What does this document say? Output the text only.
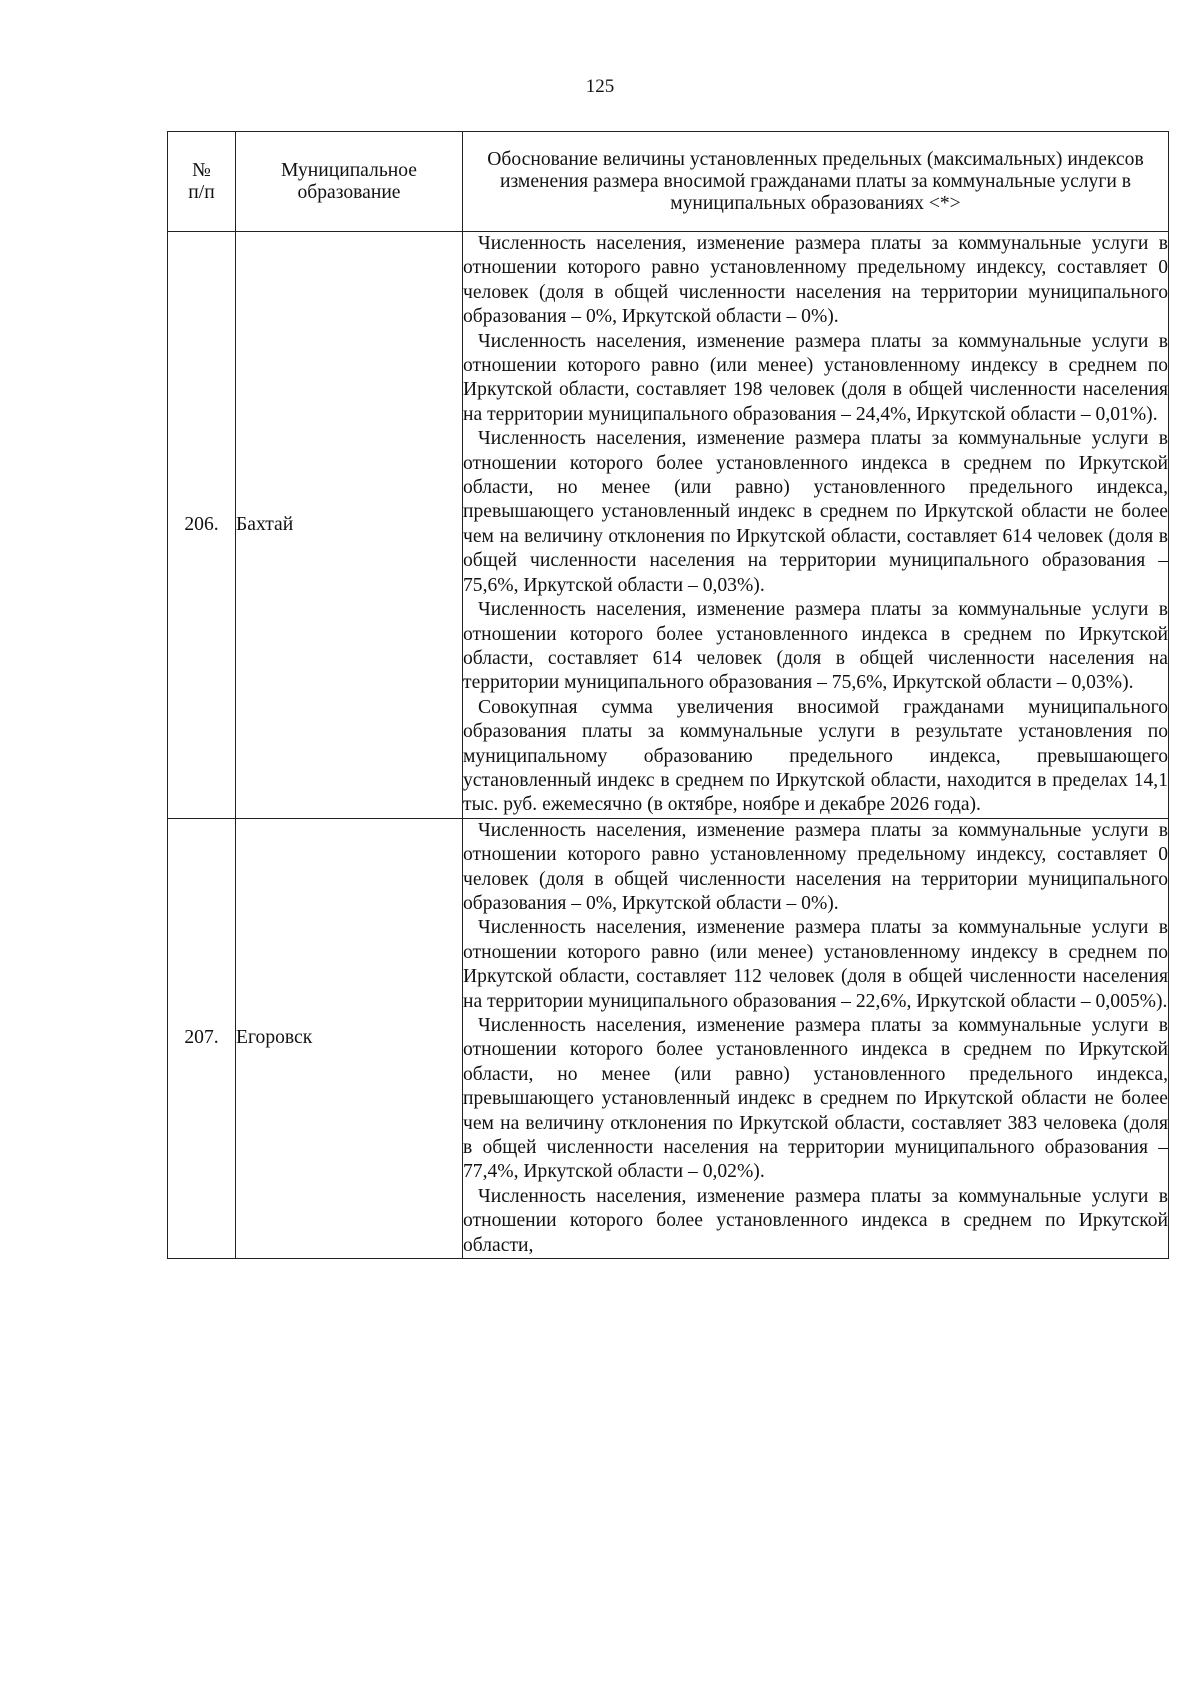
125
№
п/п	Муниципальное образование	Обоснование величины установленных предельных (максимальных) индексов изменения размера вносимой гражданами платы за коммунальные услуги в муниципальных образованиях <*>
206.	Бахтай	Численность населения, изменение размера платы за коммунальные услуги в отношении которого равно установленному предельному индексу, составляет 0 человек (доля в общей численности населения на территории муниципального образования – 0%, Иркутской области – 0%).

Численность населения, изменение размера платы за коммунальные услуги в отношении которого равно (или менее) установленному индексу в среднем по Иркутской области, составляет 198 человек (доля в общей численности населения на территории муниципального образования – 24,4%, Иркутской области – 0,01%).

Численность населения, изменение размера платы за коммунальные услуги в отношении которого более установленного индекса в среднем по Иркутской области, но менее (или равно) установленного предельного индекса, превышающего установленный индекс в среднем по Иркутской области не более чем на величину отклонения по Иркутской области, составляет 614 человек (доля в общей численности населения на территории муниципального образования – 75,6%, Иркутской области – 0,03%).

Численность населения, изменение размера платы за коммунальные услуги в отношении которого более установленного индекса в среднем по Иркутской области, составляет 614 человек (доля в общей численности населения на территории муниципального образования – 75,6%, Иркутской области – 0,03%).

Совокупная сумма увеличения вносимой гражданами муниципального образования платы за коммунальные услуги в результате установления по муниципальному образованию предельного индекса, превышающего установленный индекс в среднем по Иркутской области, находится в пределах 14,1 тыс. руб. ежемесячно (в октябре, ноябре и декабре 2026 года).

207.	Егоровск	Численность населения, изменение размера платы за коммунальные услуги в отношении которого равно установленному предельному индексу, составляет 0 человек (доля в общей численности населения на территории муниципального образования – 0%, Иркутской области – 0%).

Численность населения, изменение размера платы за коммунальные услуги в отношении которого равно (или менее) установленному индексу в среднем по Иркутской области, составляет 112 человек (доля в общей численности населения на территории муниципального образования – 22,6%, Иркутской области – 0,005%).

Численность населения, изменение размера платы за коммунальные услуги в отношении которого более установленного индекса в среднем по Иркутской области, но менее (или равно) установленного предельного индекса, превышающего установленный индекс в среднем по Иркутской области не более чем на величину отклонения по Иркутской области, составляет 383 человека (доля в общей численности населения на территории муниципального образования – 77,4%, Иркутской области – 0,02%).

Численность населения, изменение размера платы за коммунальные услуги в отношении которого более установленного индекса в среднем по Иркутской области,
